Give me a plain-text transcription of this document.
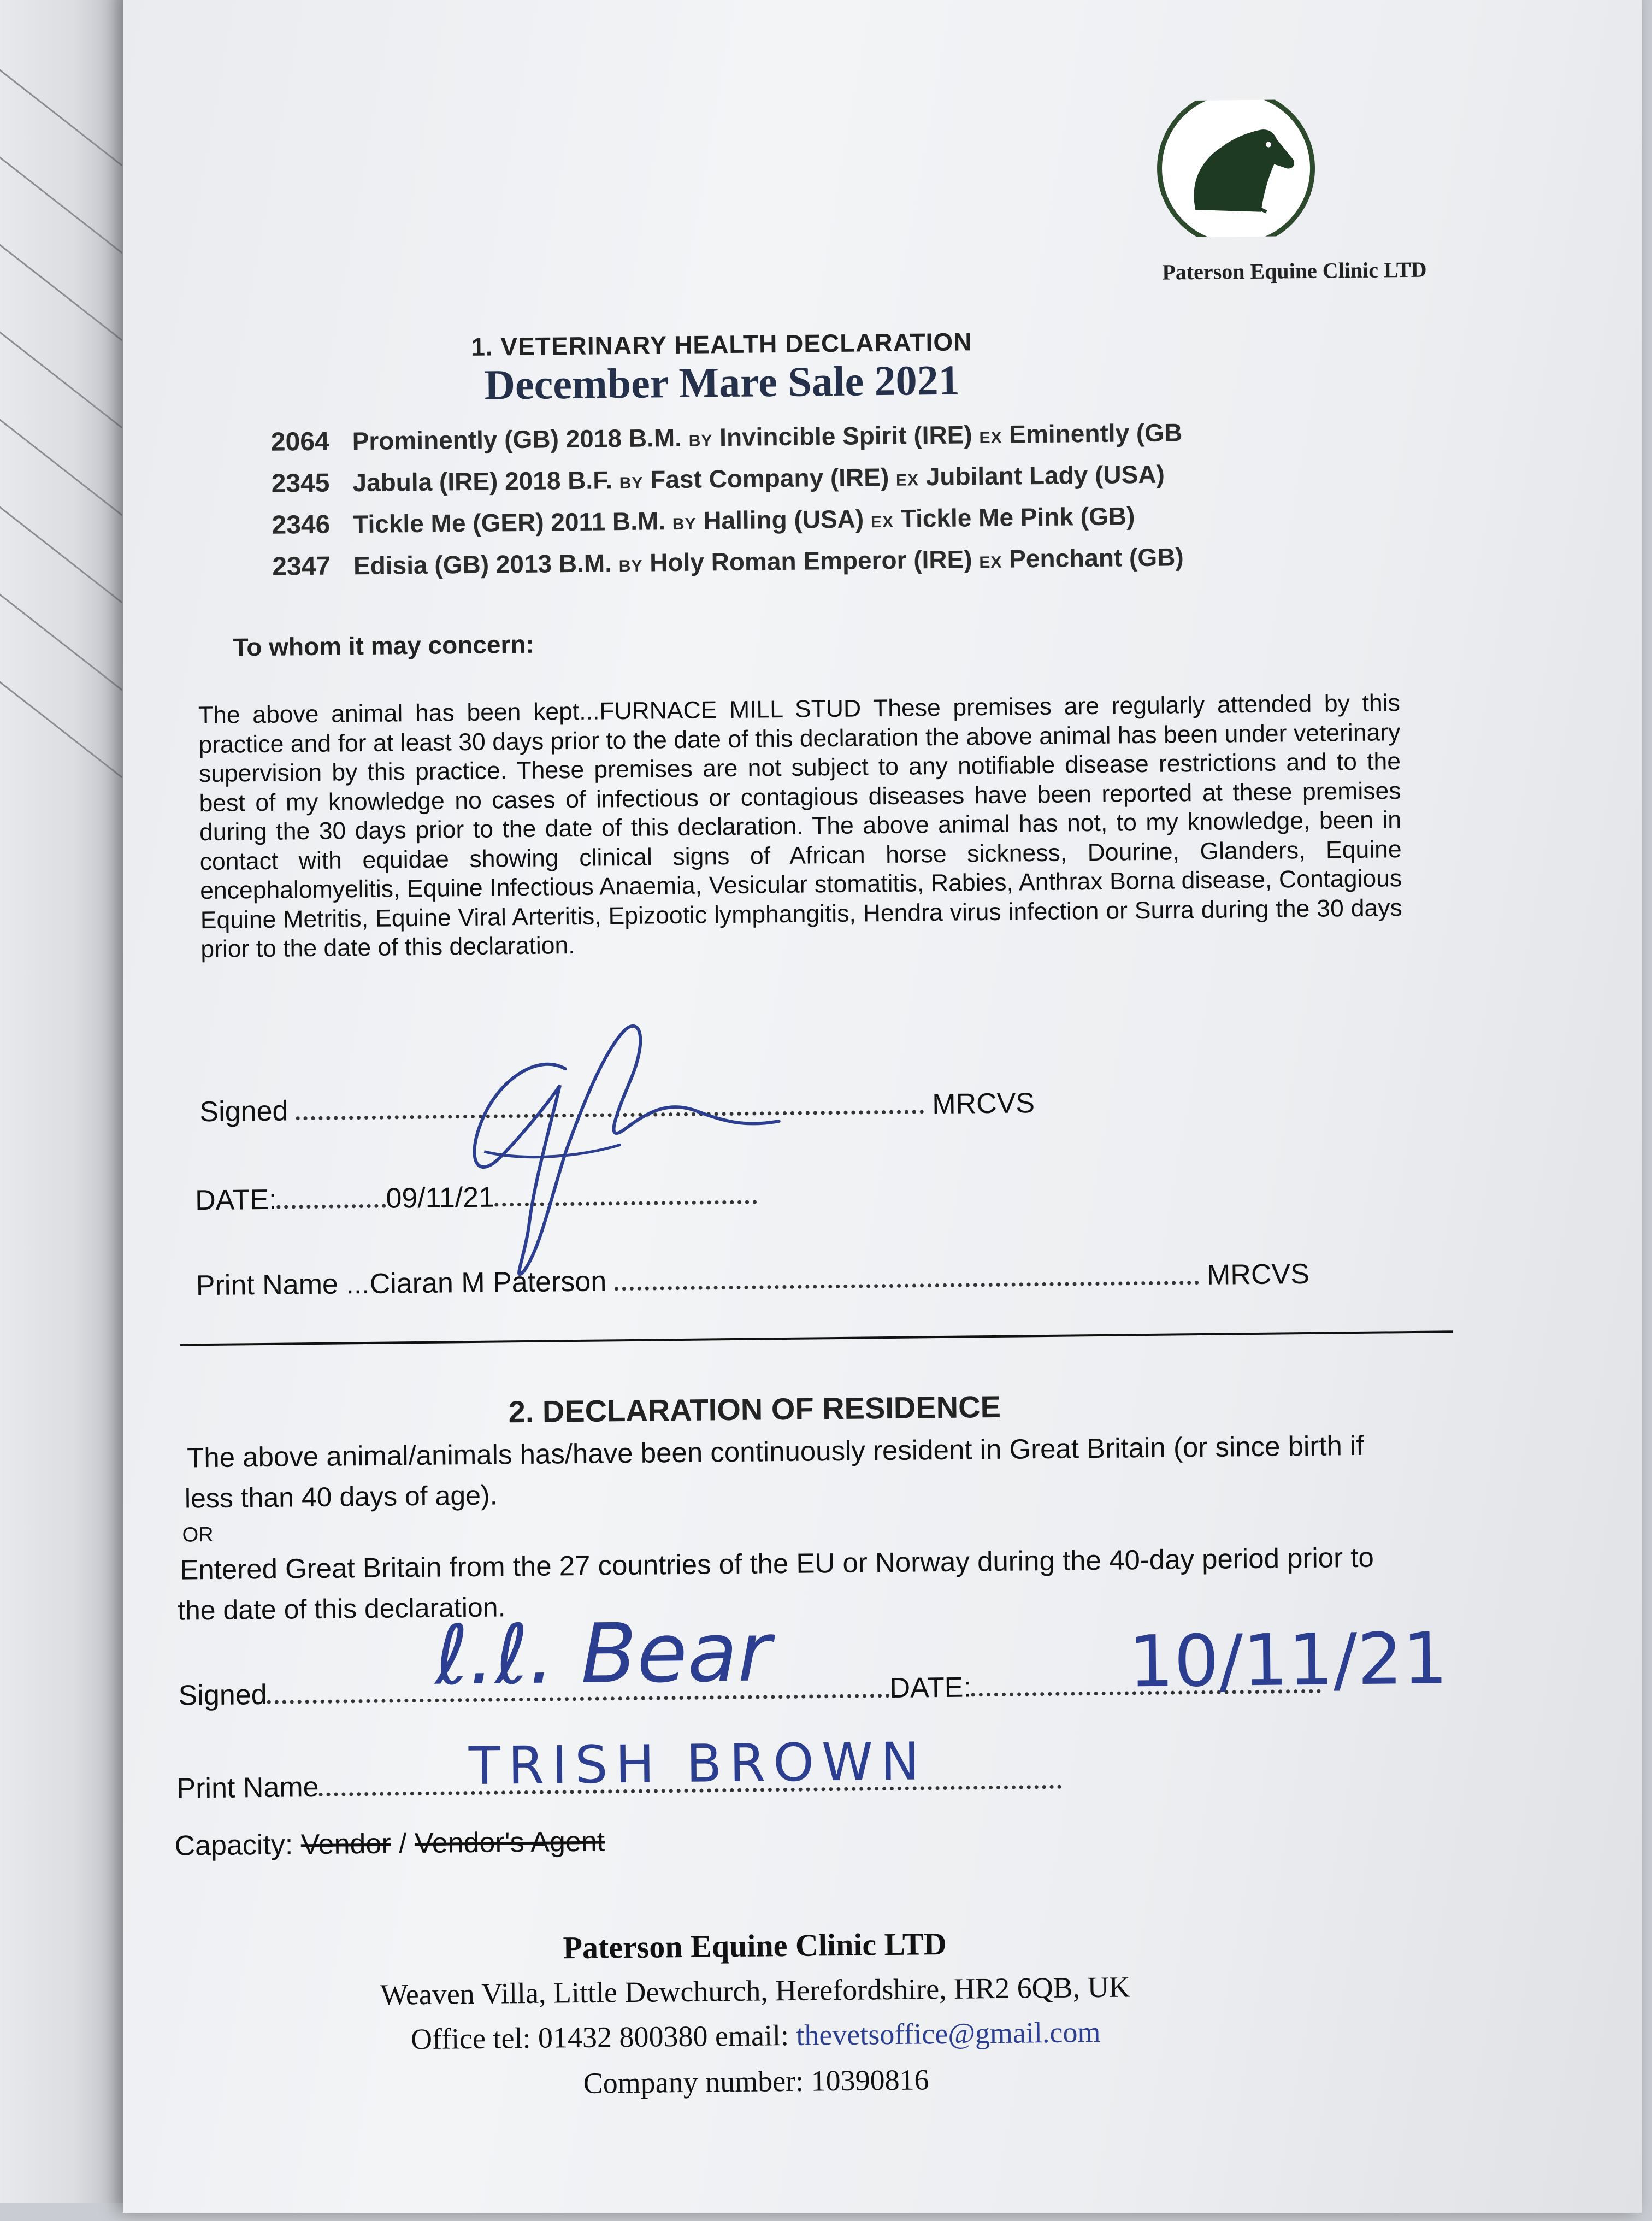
Paterson Equine Clinic LTD
1. VETERINARY HEALTH DECLARATION
December Mare Sale 2021
2064 Prominently (GB) 2018 B.M. BY Invincible Spirit (IRE) EX Eminently (GB
2345 Jabula (IRE) 2018 B.F. BY Fast Company (IRE) EX Jubilant Lady (USA)
2346 Tickle Me (GER) 2011 B.M. BY Halling (USA) EX Tickle Me Pink (GB)
2347 Edisia (GB) 2013 B.M. BY Holy Roman Emperor (IRE) EX Penchant (GB)
To whom it may concern:
The above animal has been kept...FURNACE MILL STUD These premises are regularly attended by this practice and for at least 30 days prior to the date of this declaration the above animal has been under veterinary supervision by this practice. These premises are not subject to any notifiable disease restrictions and to the best of my knowledge no cases of infectious or contagious diseases have been reported at these premises during the 30 days prior to the date of this declaration. The above animal has not, to my knowledge, been in contact with equidae showing clinical signs of African horse sickness, Dourine, Glanders, Equine encephalomyelitis, Equine Infectious Anaemia, Vesicular stomatitis, Rabies, Anthrax Borna disease, Contagious Equine Metritis, Equine Viral Arteritis, Epizootic lymphangitis, Hendra virus infection or Surra during the 30 days prior to the date of this declaration.
Signed	MRCVS
DATE:	09/11/21
Print Name ...Ciaran M Paterson	MRCVS
2. DECLARATION OF RESIDENCE
The above animal/animals has/have been continuously resident in Great Britain (or since birth if
less than 40 days of age).
OR
Entered Great Britain from the 27 countries of the EU or Norway during the 40-day period prior to
the date of this declaration.
Signed	DATE:
ℓ.ℓ. Bear	10/11/21
Print Name	TRISH BROWN
Capacity: Vendor / Vendor's Agent
Paterson Equine Clinic LTD
Weaven Villa, Little Dewchurch, Herefordshire, HR2 6QB, UK
Office tel: 01432 800380 email: thevetsoffice@gmail.com
Company number: 10390816
